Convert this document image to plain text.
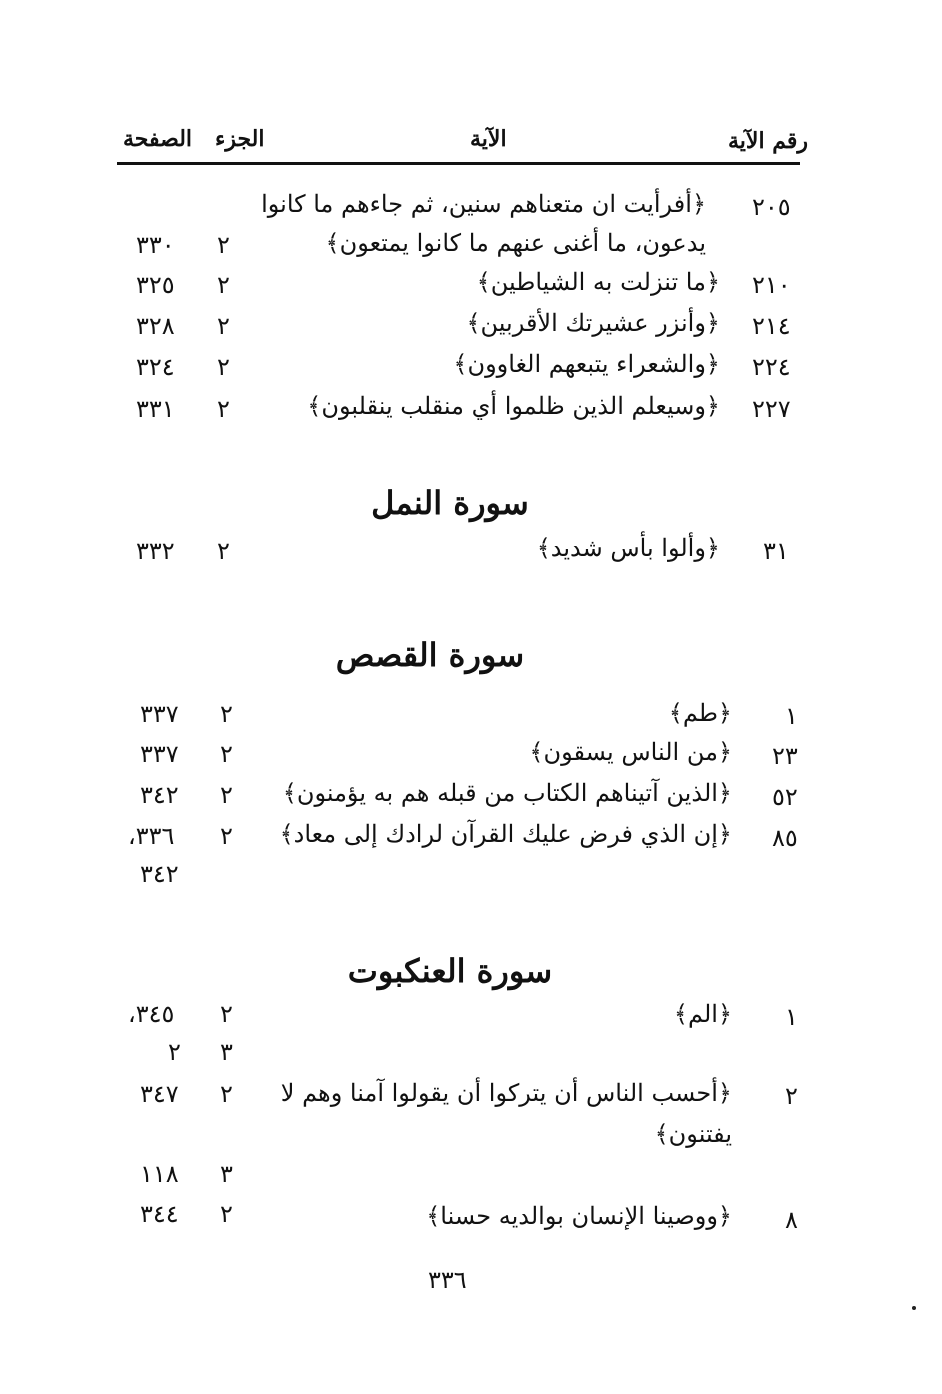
رقم الآية
الآية
الجزء
الصفحة
٢٠٥
﴿أفرأيت ان متعناهم سنين، ثم جاءهم ما كانوا
يدعون، ما أغنى عنهم ما كانوا يمتعون﴾
٢
٣٣٠
٢١٠
﴿ما تنزلت به الشياطين﴾
٢
٣٢٥
٢١٤
﴿وأنزر عشيرتك الأقربين﴾
٢
٣٢٨
٢٢٤
﴿والشعراء يتبعهم الغاوون﴾
٢
٣٢٤
٢٢٧
﴿وسيعلم الذين ظلموا أي منقلب ينقلبون﴾
٢
٣٣١
سورة النمل
٣١
﴿وألوا بأس شديد﴾
٢
٣٣٢
سورة القصص
١
﴿طم﴾
٢
٣٣٧
٢٣
﴿من الناس يسقون﴾
٢
٣٣٧
٥٢
﴿الذين آتيناهم الكتاب من قبله هم به يؤمنون﴾
٢
٣٤٢
٨٥
﴿إن الذي فرض عليك القرآن لرادك إلى معاد﴾
٢
،٣٣٦
٣٤٢
سورة العنكبوت
١
﴿الم﴾
٢
،٣٤٥
٣
٢
٢
﴿أحسب الناس أن يتركوا أن يقولوا آمنا وهم لا
٢
٣٤٧
يفتنون﴾
٣
١١٨
٨
﴿ووصينا الإنسان بوالديه حسنا﴾
٢
٣٤٤
٣٣٦
